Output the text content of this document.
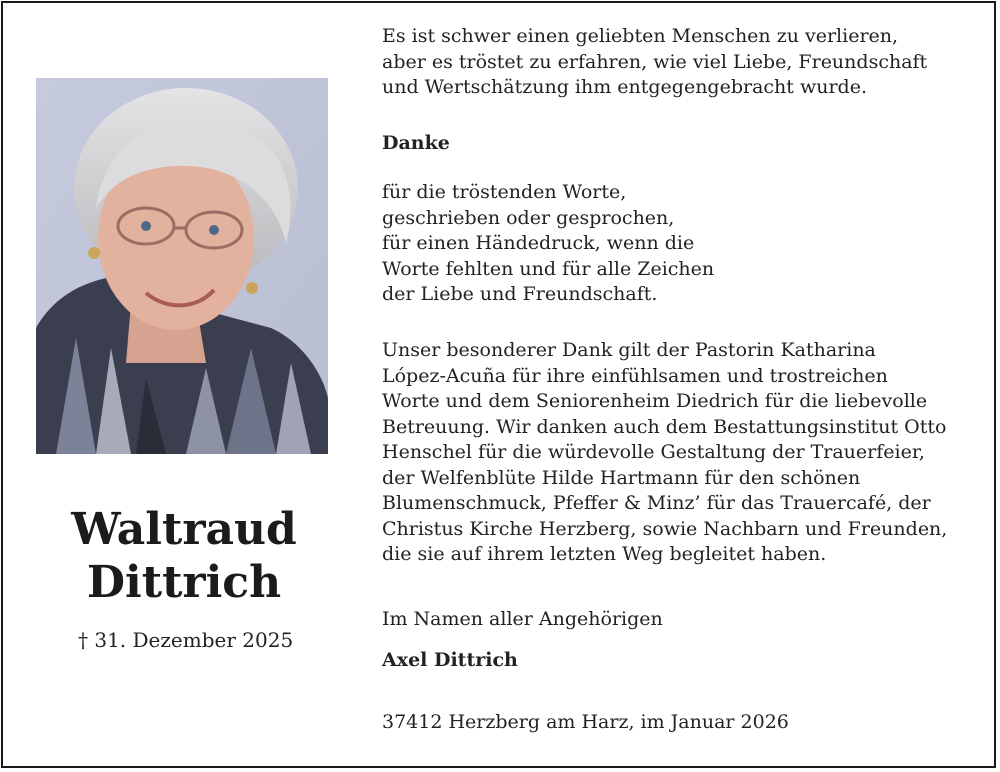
Waltraud
Dittrich
† 31. Dezember 2025
Es ist schwer einen geliebten Menschen zu verlieren,
aber es tröstet zu erfahren, wie viel Liebe, Freundschaft
und Wertschätzung ihm entgegengebracht wurde.
Danke
für die tröstenden Worte,
geschrieben oder gesprochen,
für einen Händedruck, wenn die
Worte fehlten und für alle Zeichen
der Liebe und Freundschaft.
Unser besonderer Dank gilt der Pastorin Katharina
López-Acuña für ihre einfühlsamen und trostreichen
Worte und dem Seniorenheim Diedrich für die liebevolle
Betreuung. Wir danken auch dem Bestattungsinstitut Otto
Henschel für die würdevolle Gestaltung der Trauerfeier,
der Welfenblüte Hilde Hartmann für den schönen
Blumenschmuck, Pfeffer & Minz’ für das Trauercafé, der
Christus Kirche Herzberg, sowie Nachbarn und Freunden,
die sie auf ihrem letzten Weg begleitet haben.
Im Namen aller Angehörigen
Axel Dittrich
37412 Herzberg am Harz, im Januar 2026
